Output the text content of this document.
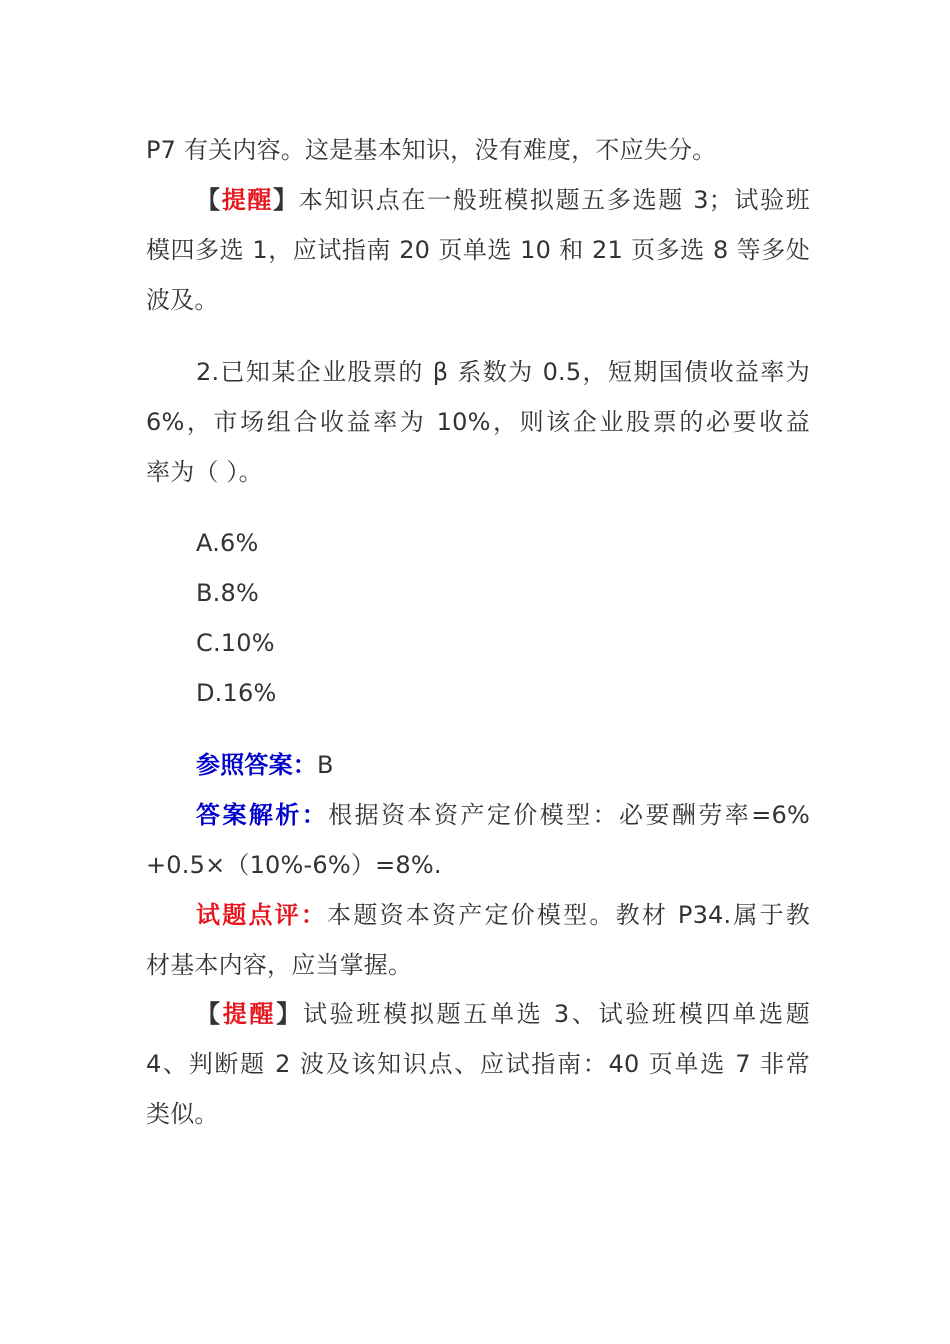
P7 有关内容。这是基本知识，没有难度，不应失分。
【提醒】本知识点在一般班模拟题五多选题 3；试验班
模四多选 1，应试指南 20 页单选 10 和 21 页多选 8 等多处
波及。
2.已知某企业股票的 β 系数为 0.5，短期国债收益率为
6%，市场组合收益率为 10%，则该企业股票的必要收益
率为（ ）。
A.6%
B.8%
C.10%
D.16%
参照答案：B
答案解析：根据资本资产定价模型：必要酬劳率=6%
+0.5×（10%-6%）=8%.
试题点评：本题资本资产定价模型。教材 P34.属于教
材基本内容，应当掌握。
【提醒】试验班模拟题五单选 3、试验班模四单选题
4、判断题 2 波及该知识点、应试指南：40 页单选 7 非常
类似。
